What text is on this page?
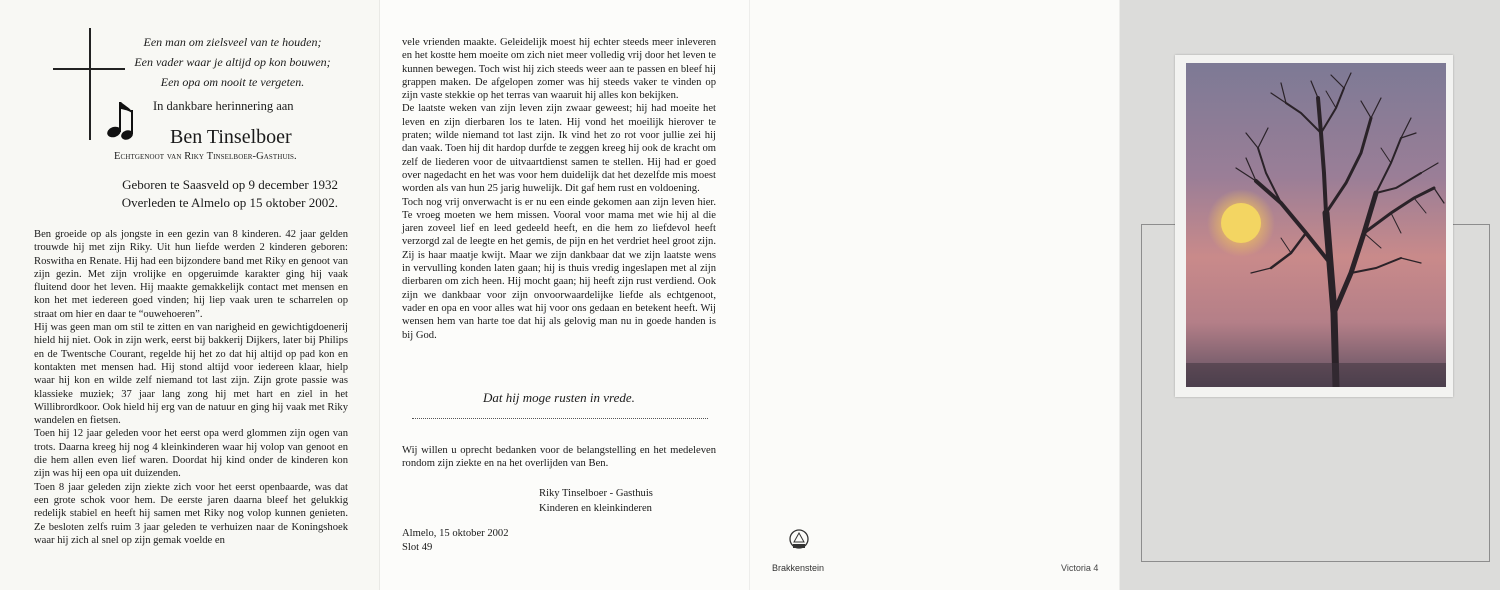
Een man om zielsveel van te houden;
Een vader waar je altijd op kon bouwen;
Een opa om nooit te vergeten.
In dankbare herinnering aan
Ben Tinselboer
Echtgenoot van Riky Tinselboer-Gasthuis.
Geboren te Saasveld op 9 december 1932
Overleden te Almelo op 15 oktober 2002.

Ben groeide op als jongste in een gezin van 8 kinderen. 42 jaar gelden trouwde hij met zijn Riky. Uit hun liefde werden 2 kinderen geboren: Roswitha en Renate. Hij had een bijzondere band met Riky en genoot van zijn gezin. Met zijn vrolijke en opgeruimde karakter ging hij vaak fluitend door het leven. Hij maakte gemakkelijk contact met mensen en kon het met iedereen goed vinden; hij liep vaak uren te scharrelen op straat om hier en daar te “ouwehoeren”.

Hij was geen man om stil te zitten en van narigheid en gewichtigdoenerij hield hij niet. Ook in zijn werk, eerst bij bakkerij Dijkers, later bij Philips en de Twentsche Courant, regelde hij het zo dat hij altijd op pad kon en kontakten met mensen had. Hij stond altijd voor iedereen klaar, hielp waar hij kon en wilde zelf niemand tot last zijn. Zijn grote passie was klassieke muziek; 37 jaar lang zong hij met hart en ziel in het Willibrordkoor. Ook hield hij erg van de natuur en ging hij vaak met Riky wandelen en fietsen.

Toen hij 12 jaar geleden voor het eerst opa werd glommen zijn ogen van trots. Daarna kreeg hij nog 4 kleinkinderen waar hij volop van genoot en die hem allen even lief waren. Doordat hij kind onder de kinderen kon zijn was hij een opa uit duizenden.

Toen 8 jaar geleden zijn ziekte zich voor het eerst openbaarde, was dat een grote schok voor hem. De eerste jaren daarna bleef het gelukkig redelijk stabiel en heeft hij samen met Riky nog volop kunnen genieten. Ze besloten zelfs ruim 3 jaar geleden te verhuizen naar de Koningshoek waar hij zich al snel op zijn gemak voelde en

vele vrienden maakte. Geleidelijk moest hij echter steeds meer inleveren en het kostte hem moeite om zich niet meer volledig vrij door het leven te kunnen bewegen. Toch wist hij zich steeds weer aan te passen en bleef hij grappen maken. De afgelopen zomer was hij steeds vaker te vinden op zijn vaste stekkie op het terras van waaruit hij alles kon bekijken.

De laatste weken van zijn leven zijn zwaar geweest; hij had moeite het leven en zijn dierbaren los te laten. Hij vond het moeilijk hierover te praten; wilde niemand tot last zijn. Ik vind het zo rot voor jullie zei hij dan vaak. Toen hij dit hardop durfde te zeggen kreeg hij ook de kracht om zelf de liederen voor de uitvaartdienst samen te stellen. Hij had er goed over nagedacht en het was voor hem duidelijk dat het dezelfde mis moest worden als van hun 25 jarig huwelijk. Dit gaf hem rust en voldoening.

Toch nog vrij onverwacht is er nu een einde gekomen aan zijn leven hier. Te vroeg moeten we hem missen. Vooral voor mama met wie hij al die jaren zoveel lief en leed gedeeld heeft, en die hem zo liefdevol heeft verzorgd zal de leegte en het gemis, de pijn en het verdriet heel groot zijn. Zij is haar maatje kwijt. Maar we zijn dankbaar dat we zijn laatste wens in vervulling konden laten gaan; hij is thuis vredig ingeslapen met al zijn dierbaren om zich heen. Hij mocht gaan; hij heeft zijn rust verdiend. Ook zijn we dankbaar voor zijn onvoorwaardelijke liefde als echtgenoot, vader en opa en voor alles wat hij voor ons gedaan en betekent heeft. Wij wensen hem van harte toe dat hij als gelovig man nu in goede handen is bij God.

Dat hij moge rusten in vrede.
Wij willen u oprecht bedanken voor de belangstelling en het medeleven rondom zijn ziekte en na het overlijden van Ben.
Riky Tinselboer - Gasthuis
Kinderen en kleinkinderen
Almelo, 15 oktober 2002
Slot 49
Brakkenstein	Victoria 4
